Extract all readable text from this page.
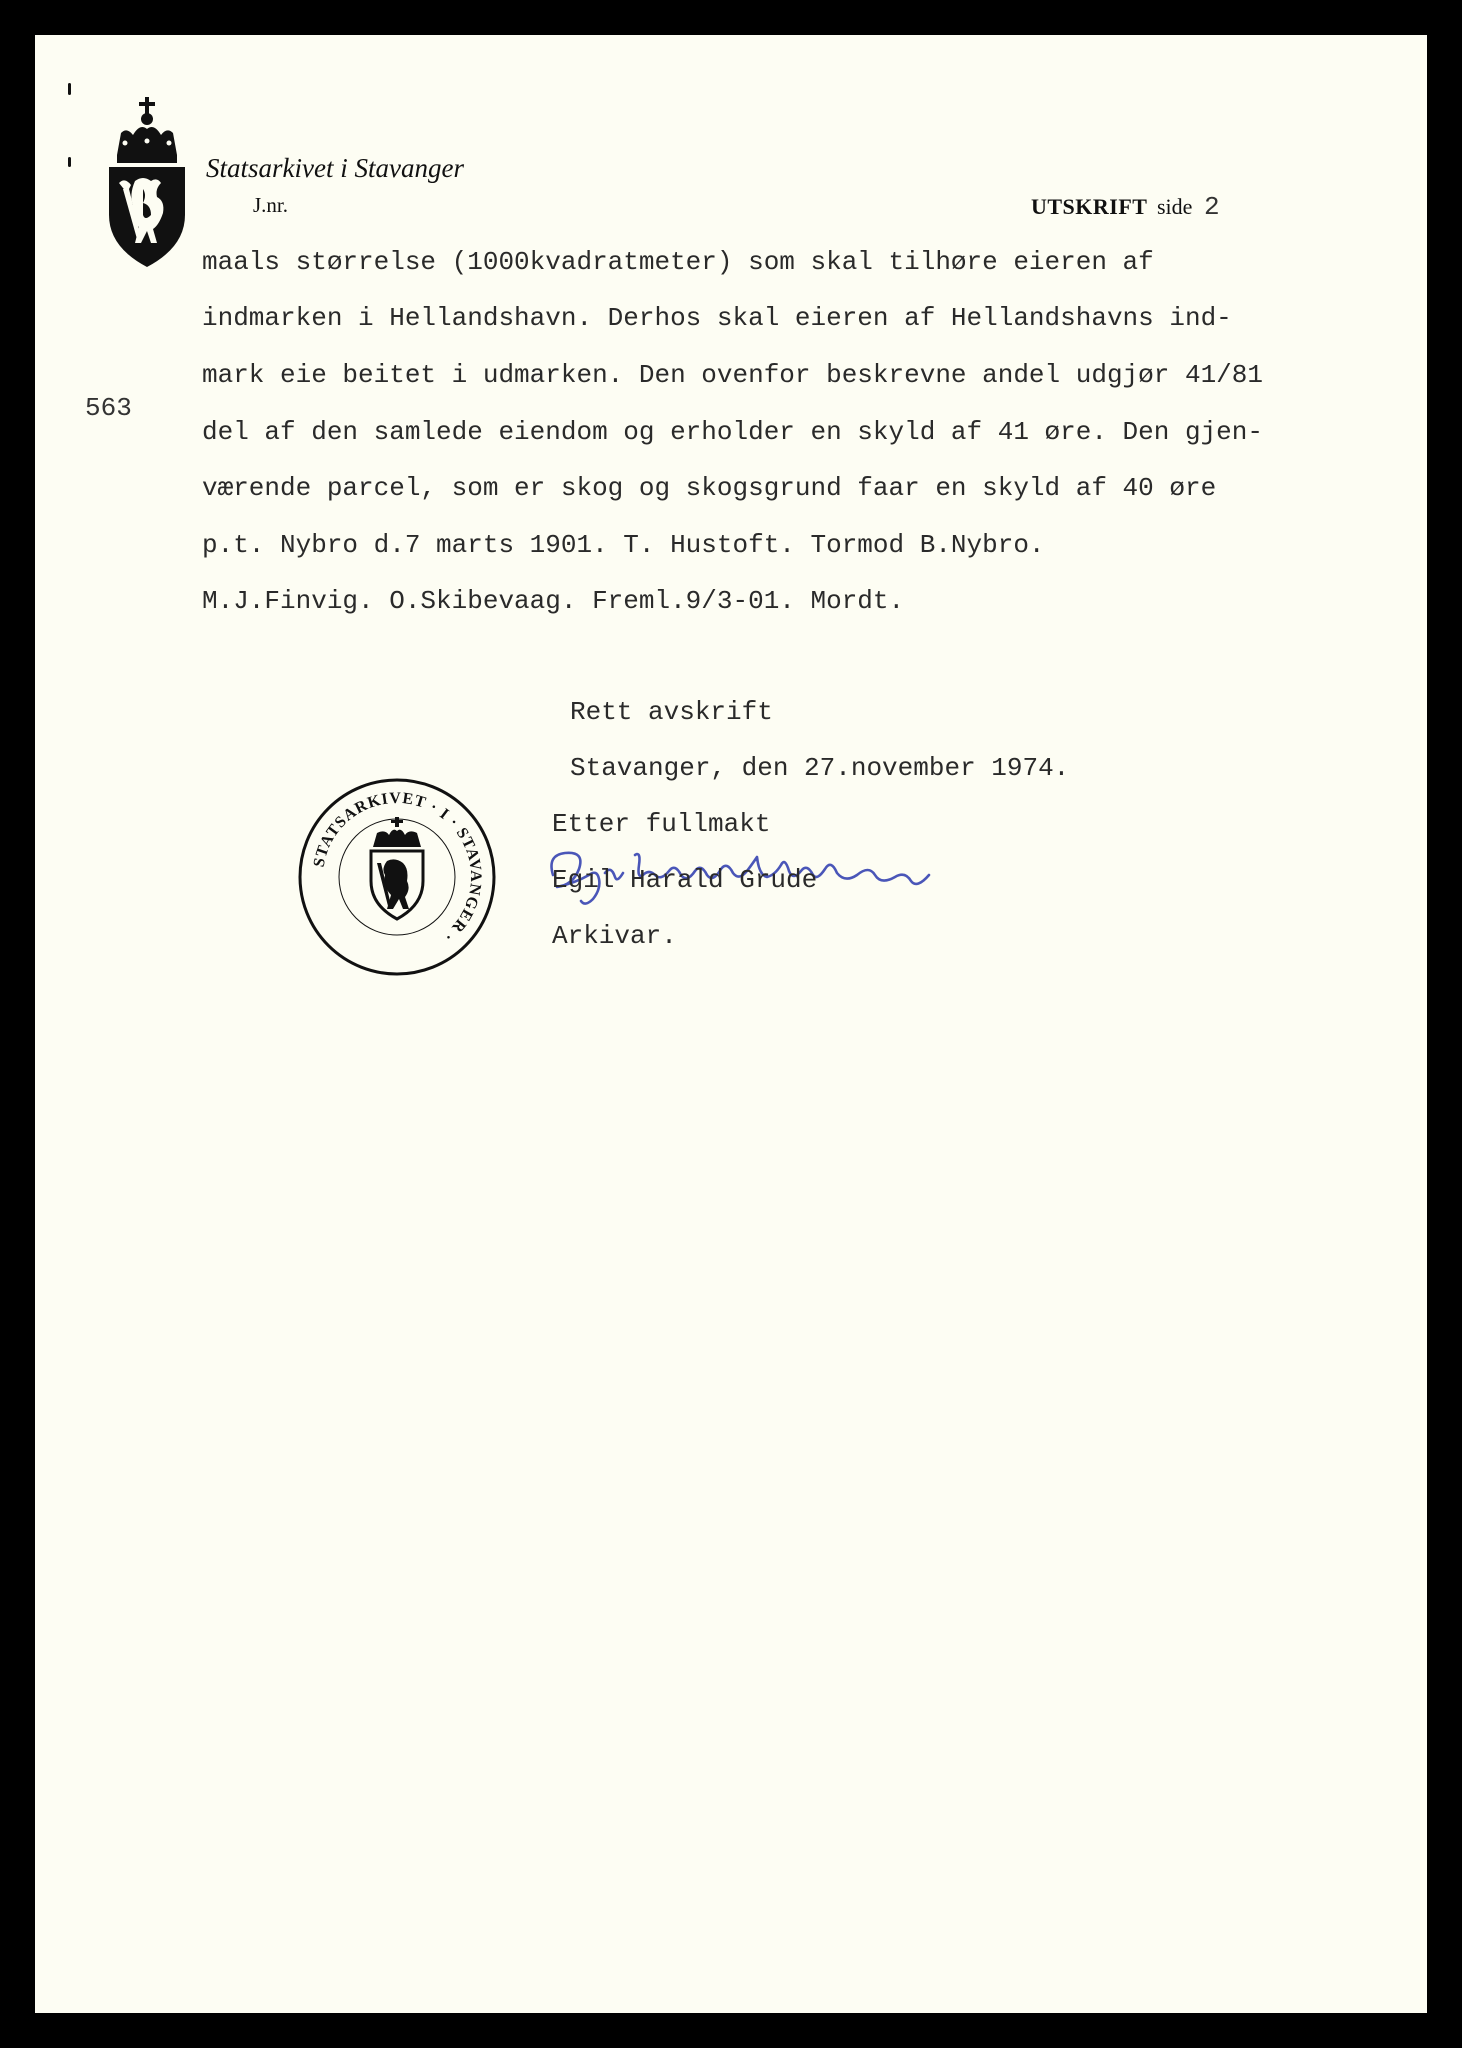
Statsarkivet i Stavanger
J.nr.	UTSKRIFT side 2
563
maals størrelse (1000kvadratmeter) som skal tilhøre eieren af
indmarken i Hellandshavn. Derhos skal eieren af Hellandshavns ind-
mark eie beitet i udmarken. Den ovenfor beskrevne andel udgjør 41/81
del af den samlede eiendom og erholder en skyld af 41 øre. Den gjen-
værende parcel, som er skog og skogsgrund faar en skyld af 40 øre
p.t. Nybro d.7 marts 1901. T. Hustoft. Tormod B.Nybro.
M.J.Finvig. O.Skibevaag. Freml.9/3-01. Mordt.
Rett avskrift
Stavanger, den 27.november 1974.
STATSARKIVET · I · STAVANGER ·
Etter fullmakt
Egil Harald Grude
Arkivar.
